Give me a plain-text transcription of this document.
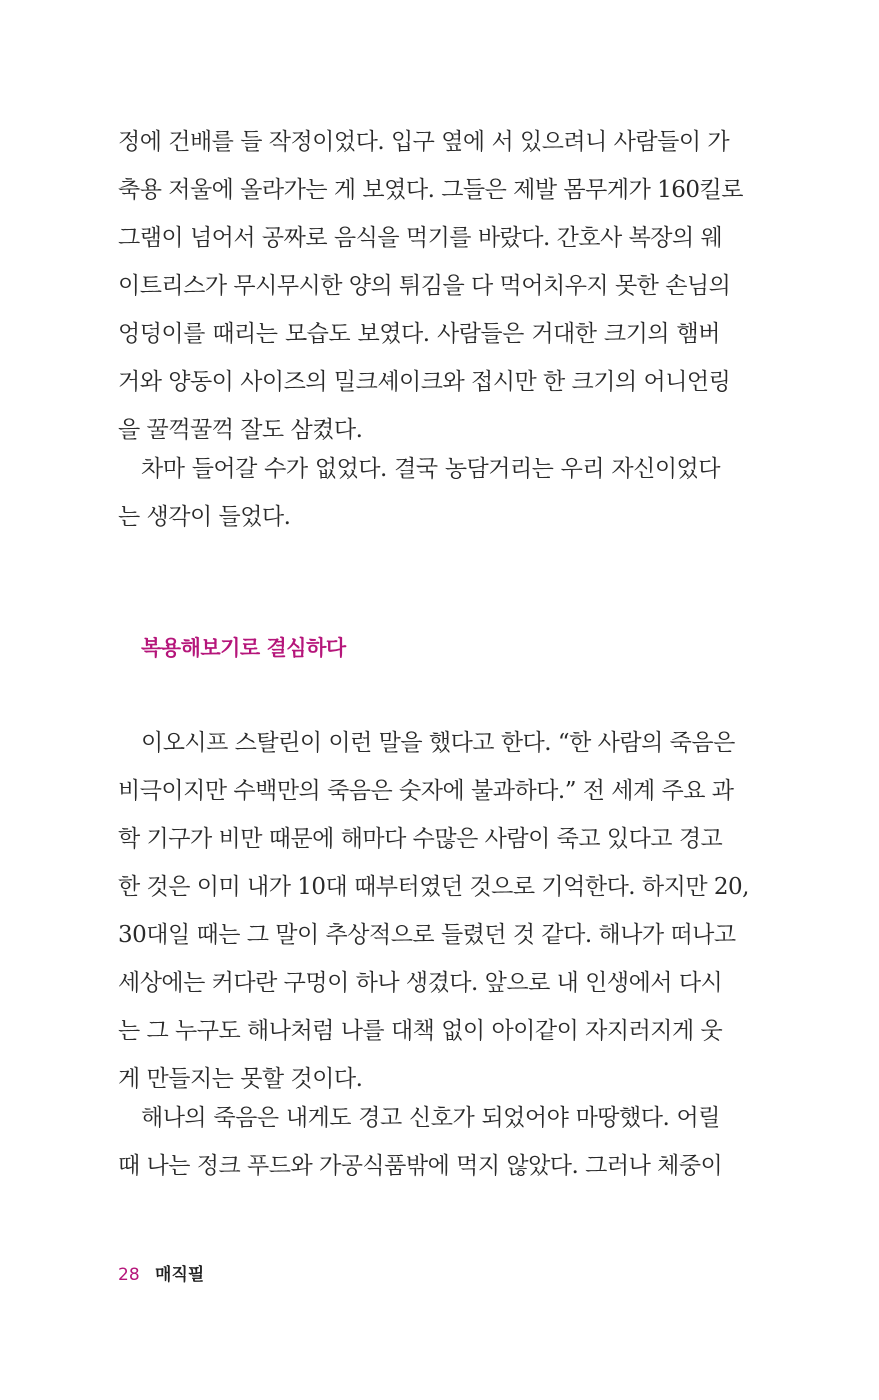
정에 건배를 들 작정이었다. 입구 옆에 서 있으려니 사람들이 가
축용 저울에 올라가는 게 보였다. 그들은 제발 몸무게가 160킬로
그램이 넘어서 공짜로 음식을 먹기를 바랐다. 간호사 복장의 웨
이트리스가 무시무시한 양의 튀김을 다 먹어치우지 못한 손님의
엉덩이를 때리는 모습도 보였다. 사람들은 거대한 크기의 햄버
거와 양동이 사이즈의 밀크셰이크와 접시만 한 크기의 어니언링
을 꿀꺽꿀꺽 잘도 삼켰다.
차마 들어갈 수가 없었다. 결국 농담거리는 우리 자신이었다
는 생각이 들었다.
복용해보기로 결심하다
이오시프 스탈린이 이런 말을 했다고 한다. “한 사람의 죽음은
비극이지만 수백만의 죽음은 숫자에 불과하다.” 전 세계 주요 과
학 기구가 비만 때문에 해마다 수많은 사람이 죽고 있다고 경고
한 것은 이미 내가 10대 때부터였던 것으로 기억한다. 하지만 20,
30대일 때는 그 말이 추상적으로 들렸던 것 같다. 해나가 떠나고
세상에는 커다란 구멍이 하나 생겼다. 앞으로 내 인생에서 다시
는 그 누구도 해나처럼 나를 대책 없이 아이같이 자지러지게 웃
게 만들지는 못할 것이다.
해나의 죽음은 내게도 경고 신호가 되었어야 마땅했다. 어릴
때 나는 정크 푸드와 가공식품밖에 먹지 않았다. 그러나 체중이
28 매직필
